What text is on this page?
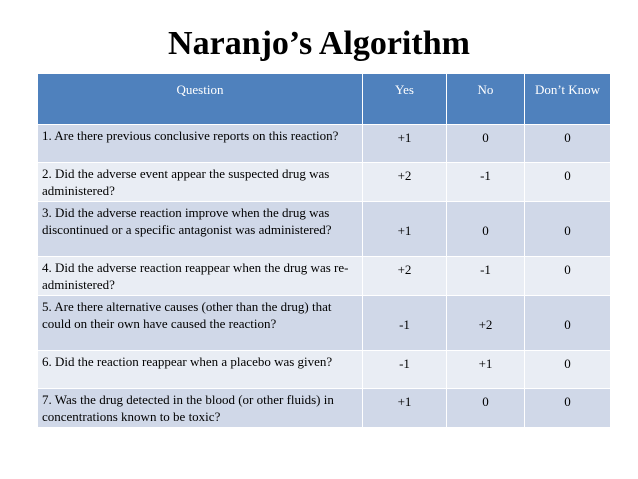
Naranjo’s Algorithm
Question	Yes	No	Don’t Know
1. Are there previous conclusive reports on this reaction?	+1	0	0
2. Did the adverse event appear the suspected drug was administered?	+2	-1	0
3. Did the adverse reaction improve when the drug was discontinued or a specific antagonist was administered?	+1	0	0
4. Did the adverse reaction reappear when the drug was re-administered?	+2	-1	0
5. Are there alternative causes (other than the drug) that could on their own have caused the reaction?	-1	+2	0
6. Did the reaction reappear when a placebo was given?	-1	+1	0
7. Was the drug detected in the blood (or other fluids) in concentrations known to be toxic?	+1	0	0
